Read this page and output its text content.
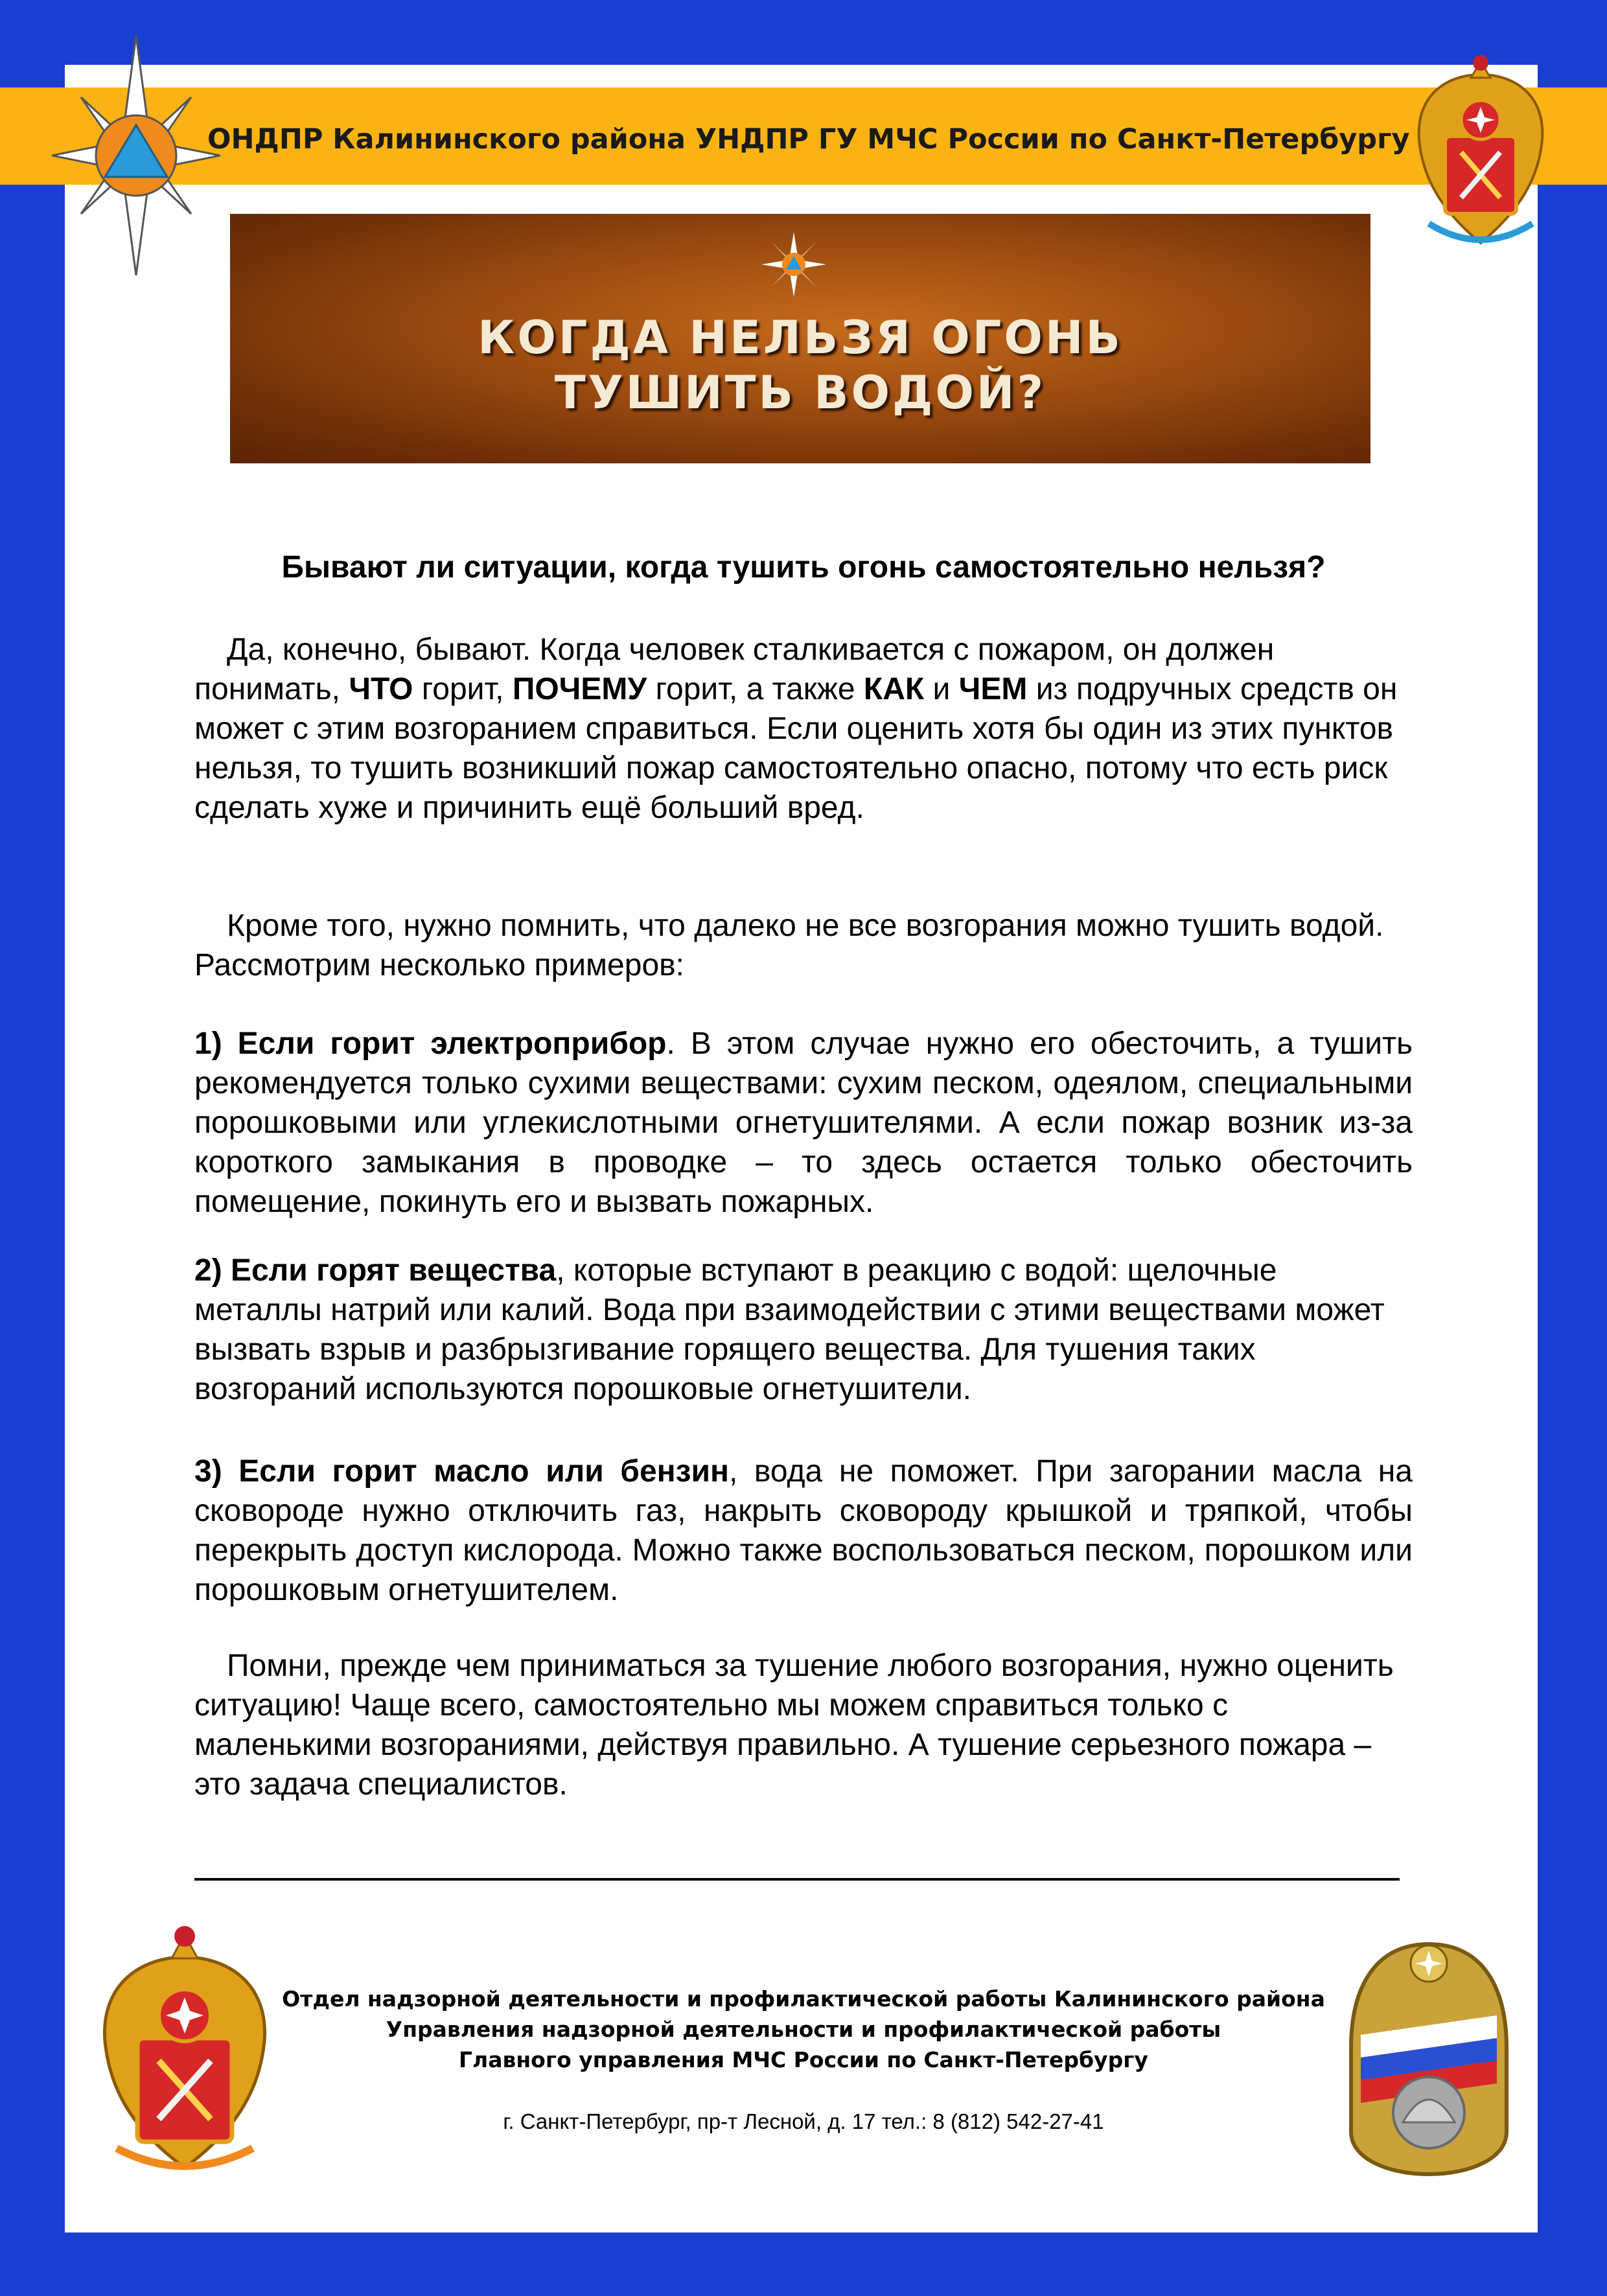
ОНДПР Калининского района УНДПР ГУ МЧС России по Санкт-Петербургу
КОГДА НЕЛЬЗЯ ОГОНЬ
ТУШИТЬ ВОДОЙ?
Бывают ли ситуации, когда тушить огонь самостоятельно нельзя?
Да, конечно, бывают. Когда человек сталкивается с пожаром, он должен понимать, ЧТО горит, ПОЧЕМУ горит, а также КАК и ЧЕМ из подручных средств он может с этим возгоранием справиться. Если оценить хотя бы один из этих пунктов нельзя, то тушить возникший пожар самостоятельно опасно, потому что есть риск сделать хуже и причинить ещё больший вред.
Кроме того, нужно помнить, что далеко не все возгорания можно тушить водой. Рассмотрим несколько примеров:
1) Если горит электроприбор. В этом случае нужно его обесточить, а тушить рекомендуется только сухими веществами: сухим песком, одеялом, специальными порошковыми или углекислотными огнетушителями. А если пожар возник из-за короткого замыкания в проводке – то здесь остается только обесточить помещение, покинуть его и вызвать пожарных.
2) Если горят вещества, которые вступают в реакцию с водой: щелочные металлы натрий или калий. Вода при взаимодействии с этими веществами может вызвать взрыв и разбрызгивание горящего вещества. Для тушения таких возгораний используются порошковые огнетушители.
3) Если горит масло или бензин, вода не поможет. При загорании масла на сковороде нужно отключить газ, накрыть сковороду крышкой и тряпкой, чтобы перекрыть доступ кислорода. Можно также воспользоваться песком, порошком или порошковым огнетушителем.
Помни, прежде чем приниматься за тушение любого возгорания, нужно оценить ситуацию! Чаще всего, самостоятельно мы можем справиться только с маленькими возгораниями, действуя правильно. А тушение серьезного пожара – это задача специалистов.
Отдел надзорной деятельности и профилактической работы Калининского района
Управления надзорной деятельности и профилактической работы
Главного управления МЧС России по Санкт-Петербургу
г. Санкт-Петербург, пр-т Лесной, д. 17 тел.: 8 (812) 542-27-41
